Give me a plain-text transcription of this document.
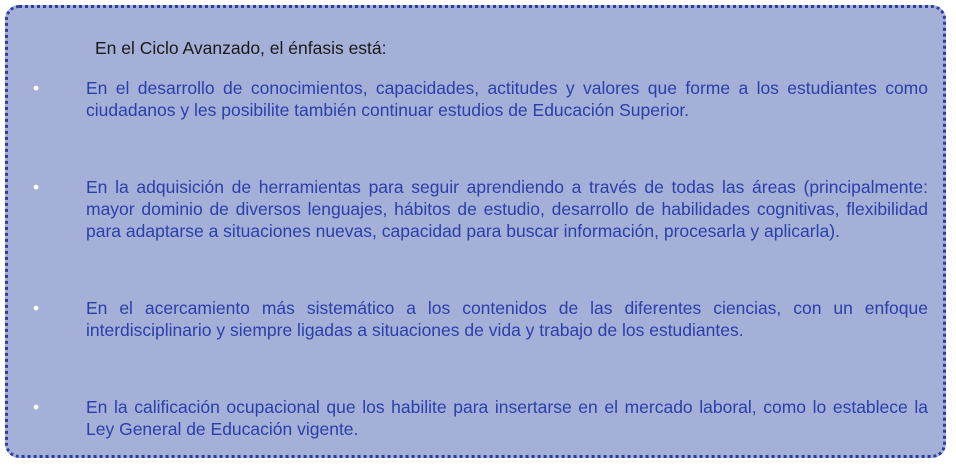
En el Ciclo Avanzado, el énfasis está:

•	En el desarrollo de conocimientos, capacidades, actitudes y valores que forme a los estudiantes como ciudadanos y les posibilite también continuar estudios de Educación Superior.

•	En la adquisición de herramientas para seguir aprendiendo a través de todas las áreas (principalmente: mayor dominio de diversos lenguajes, hábitos de estudio, desarrollo de habilidades cognitivas, flexibilidad para adaptarse a situaciones nuevas, capacidad para buscar información, procesarla y aplicarla).

•	En el acercamiento más sistemático a los contenidos de las diferentes ciencias, con un enfoque interdisciplinario y siempre ligadas a situaciones de vida y trabajo de los estudiantes.

•	En la calificación ocupacional que los habilite para insertarse en el mercado laboral, como lo establece la Ley General de Educación vigente.
